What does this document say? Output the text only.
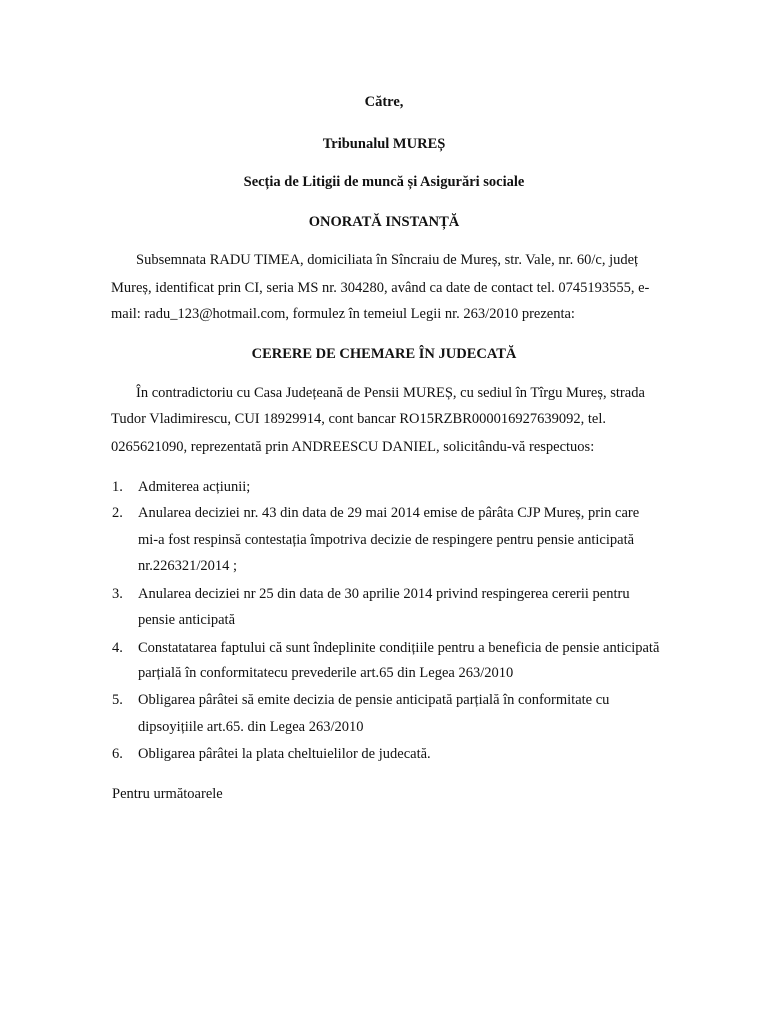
Către,
Tribunalul MUREȘ
Secția de Litigii de muncă și Asigurări sociale
ONORATĂ INSTANȚĂ
Subsemnata RADU TIMEA, domiciliata în Sîncraiu de Mureș, str. Vale, nr. 60/c, județ
Mureș, identificat prin CI, seria MS nr. 304280, având ca date de contact tel. 0745193555, e-
mail: radu_123@hotmail.com, formulez în temeiul Legii nr. 263/2010 prezenta:
CERERE DE CHEMARE ÎN JUDECATĂ
În contradictoriu cu Casa Județeană de Pensii MUREȘ, cu sediul în Tîrgu Mureș, strada
Tudor Vladimirescu, CUI 18929914, cont bancar RO15RZBR000016927639092, tel.
0265621090, reprezentată prin ANDREESCU DANIEL, solicitându-vă respectuos:
1. Admiterea acțiunii;
2. Anularea deciziei nr. 43 din data de 29 mai 2014 emise de pârâta CJP Mureș, prin care
mi-a fost respinsă contestația împotriva decizie de respingere pentru pensie anticipată
nr.226321/2014 ;
3. Anularea deciziei nr 25 din data de 30 aprilie 2014 privind respingerea cererii pentru
pensie anticipată
4. Constatatarea faptului că sunt îndeplinite condițiile pentru a beneficia de pensie anticipată
parțială în conformitatecu prevederile art.65 din Legea 263/2010
5. Obligarea pârâtei să emite decizia de pensie anticipată parțială în conformitate cu
dipsoyițiile art.65. din Legea 263/2010
6. Obligarea pârâtei la plata cheltuielilor de judecată.
Pentru următoarele
